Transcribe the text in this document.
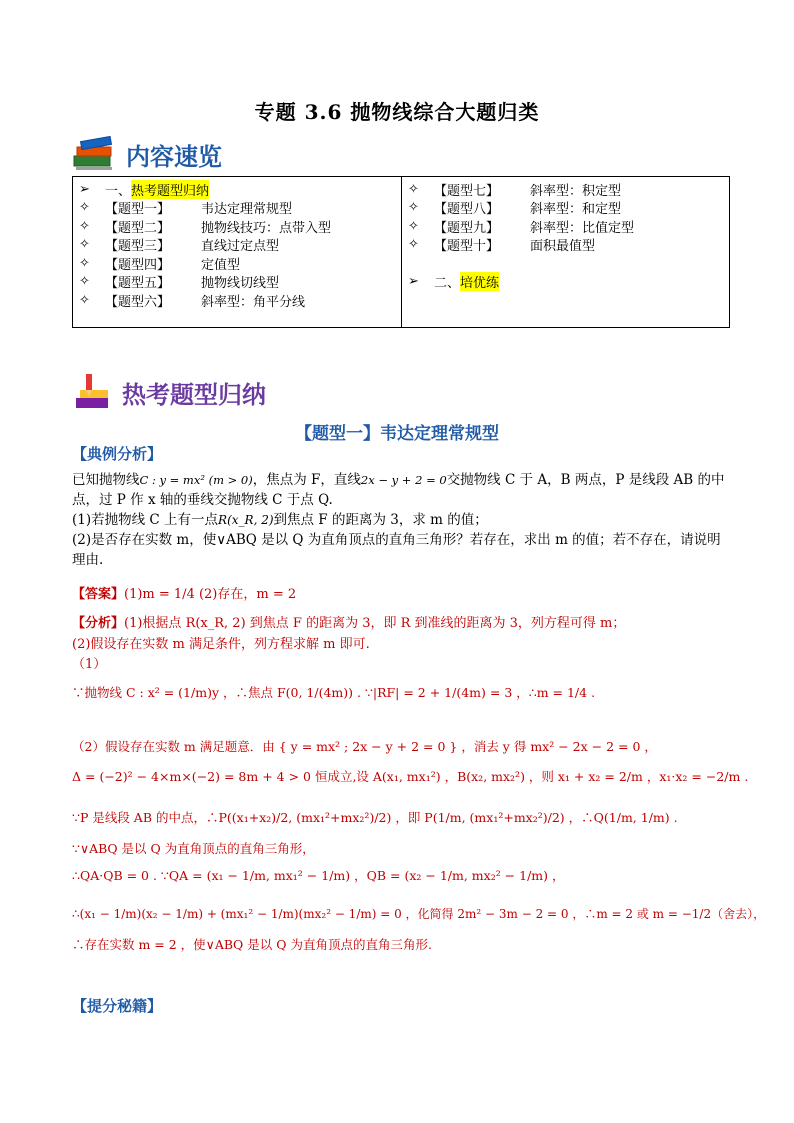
专题 3.6 抛物线综合大题归类
内容速览
➢	一、 热考题型归纳
✧	【题型一】	韦达定理常规型
✧	【题型二】	抛物线技巧：点带入型
✧	【题型三】	直线过定点型
✧	【题型四】	定值型
✧	【题型五】	抛物线切线型
✧	【题型六】	斜率型：角平分线

✧	【题型七】	斜率型：积定型
✧	【题型八】	斜率型：和定型
✧	【题型九】	斜率型：比值定型
✧	【题型十】	面积最值型
➢	二、 培优练
热考题型归纳
【题型一】韦达定理常规型
【典例分析】
已知抛物线C : y = mx² (m > 0)，焦点为 F，直线2x − y + 2 = 0交抛物线 C 于 A，B 两点，P 是线段 AB 的中
点，过 P 作 x 轴的垂线交抛物线 C 于点 Q.
(1)若抛物线 C 上有一点R(x_R, 2)到焦点 F 的距离为 3，求 m 的值；
(2)是否存在实数 m，使∨ABQ 是以 Q 为直角顶点的直角三角形？若存在，求出 m 的值；若不存在，请说明
理由.
【答案】(1)m = 1/4 (2)存在，m = 2
【分析】(1)根据点 R(x_R, 2) 到焦点 F 的距离为 3，即 R 到准线的距离为 3，列方程可得 m；
(2)假设存在实数 m 满足条件，列方程求解 m 即可.
（1）
∵抛物线 C : x² = (1/m)y ，∴焦点 F(0, 1/(4m)) . ∵|RF| = 2 + 1/(4m) = 3 ，∴m = 1/4 .
（2）假设存在实数 m 满足题意．由 { y = mx² ; 2x − y + 2 = 0 } ，消去 y 得 mx² − 2x − 2 = 0 ，
Δ = (−2)² − 4×m×(−2) = 8m + 4 > 0 恒成立,设 A(x₁, mx₁²) ，B(x₂, mx₂²) ，则 x₁ + x₂ = 2/m ，x₁·x₂ = −2/m .
∵P 是线段 AB 的中点，∴P((x₁+x₂)/2, (mx₁²+mx₂²)/2) ，即 P(1/m, (mx₁²+mx₂²)/2) ，∴Q(1/m, 1/m) .
∵∨ABQ 是以 Q 为直角顶点的直角三角形，
∴QA·QB = 0 . ∵QA = (x₁ − 1/m, mx₁² − 1/m) ，QB = (x₂ − 1/m, mx₂² − 1/m) ，
∴(x₁ − 1/m)(x₂ − 1/m) + (mx₁² − 1/m)(mx₂² − 1/m) = 0 ，化简得 2m² − 3m − 2 = 0 ，∴m = 2 或 m = −1/2（舍去），
∴存在实数 m = 2 ，使∨ABQ 是以 Q 为直角顶点的直角三角形.
【提分秘籍】
